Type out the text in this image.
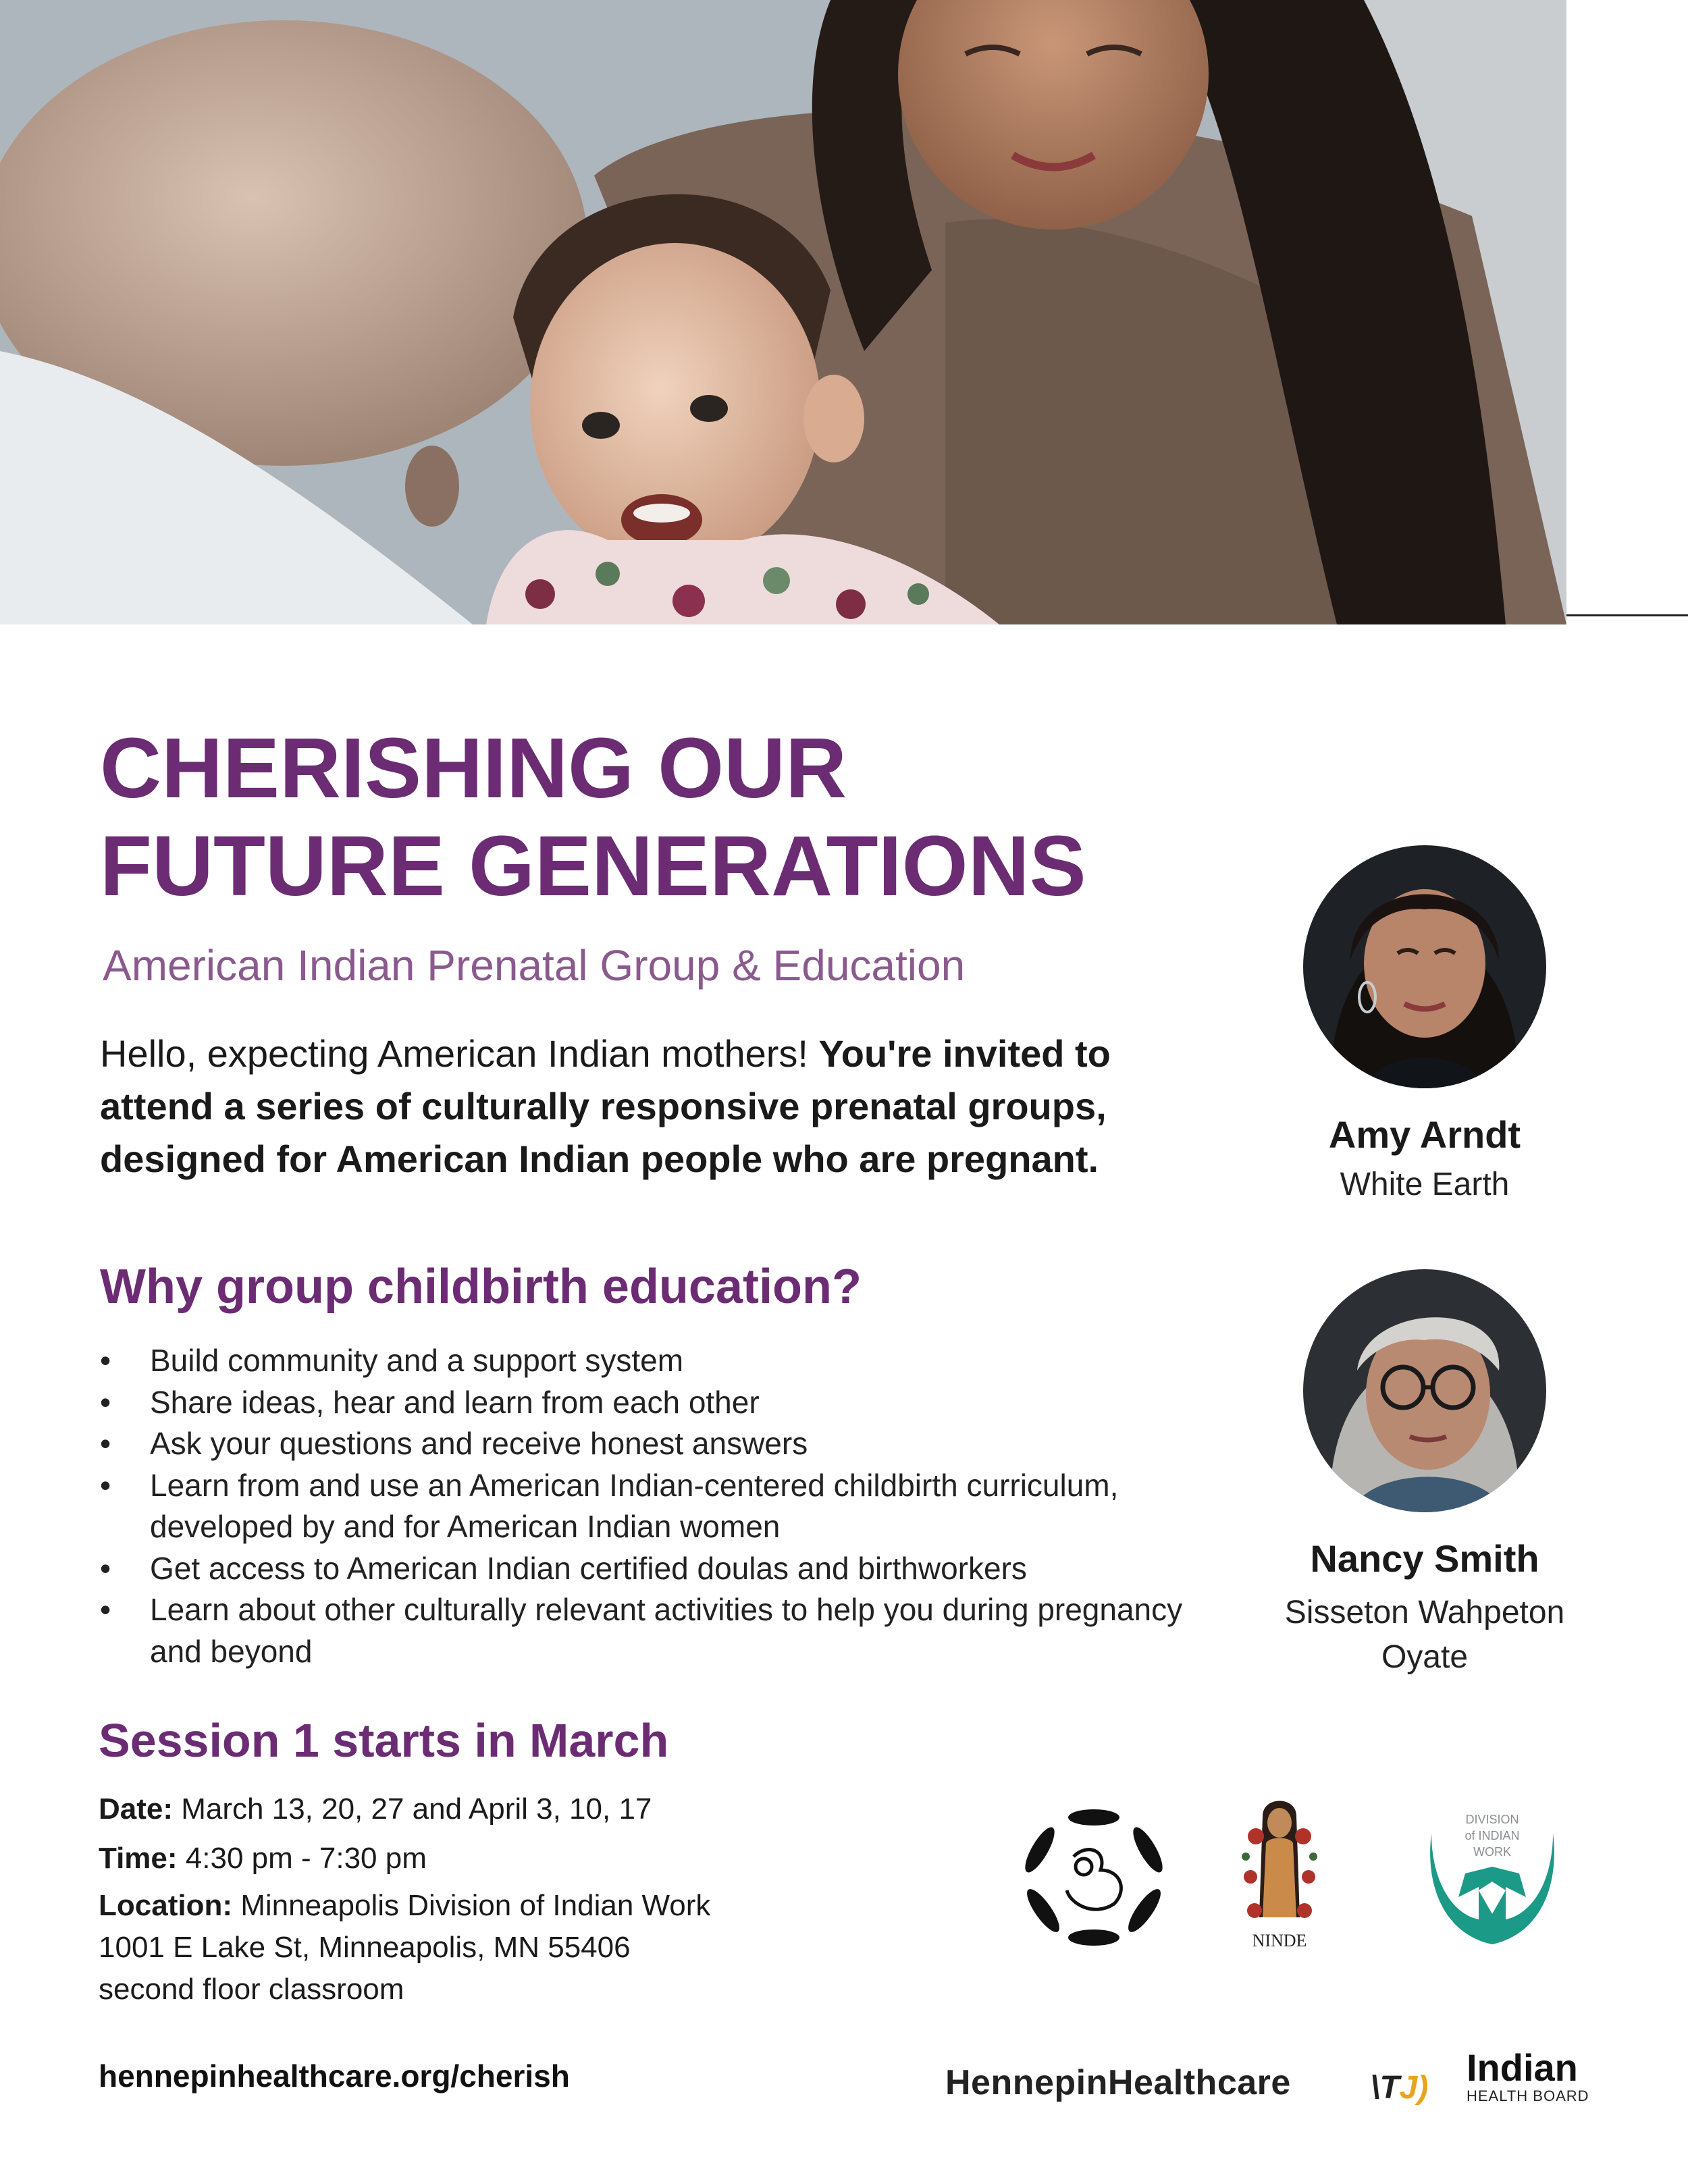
CHERISHING OUR
FUTURE GENERATIONS
American Indian Prenatal Group & Education
Hello, expecting American Indian mothers! You're invited to attend a series of culturally responsive prenatal groups, designed for American Indian people who are pregnant.
Why group childbirth education?
• Build community and a support system
• Share ideas, hear and learn from each other
• Ask your questions and receive honest answers
• Learn from and use an American Indian-centered childbirth curriculum, developed by and for American Indian women
• Get access to American Indian certified doulas and birthworkers
• Learn about other culturally relevant activities to help you during pregnancy and beyond
Session 1 starts in March
Date: March 13, 20, 27 and April 3, 10, 17
Time: 4:30 pm - 7:30 pm
Location: Minneapolis Division of Indian Work
1001 E Lake St, Minneapolis, MN 55406
second floor classroom
hennepinhealthcare.org/cherish
Amy Arndt
White Earth
Nancy Smith
Sisseton Wahpeton
Oyate
NINDE
DIVISION
of INDIAN
WORK
HennepinHealthcare \TJ) Indian
HEALTH BOARD
